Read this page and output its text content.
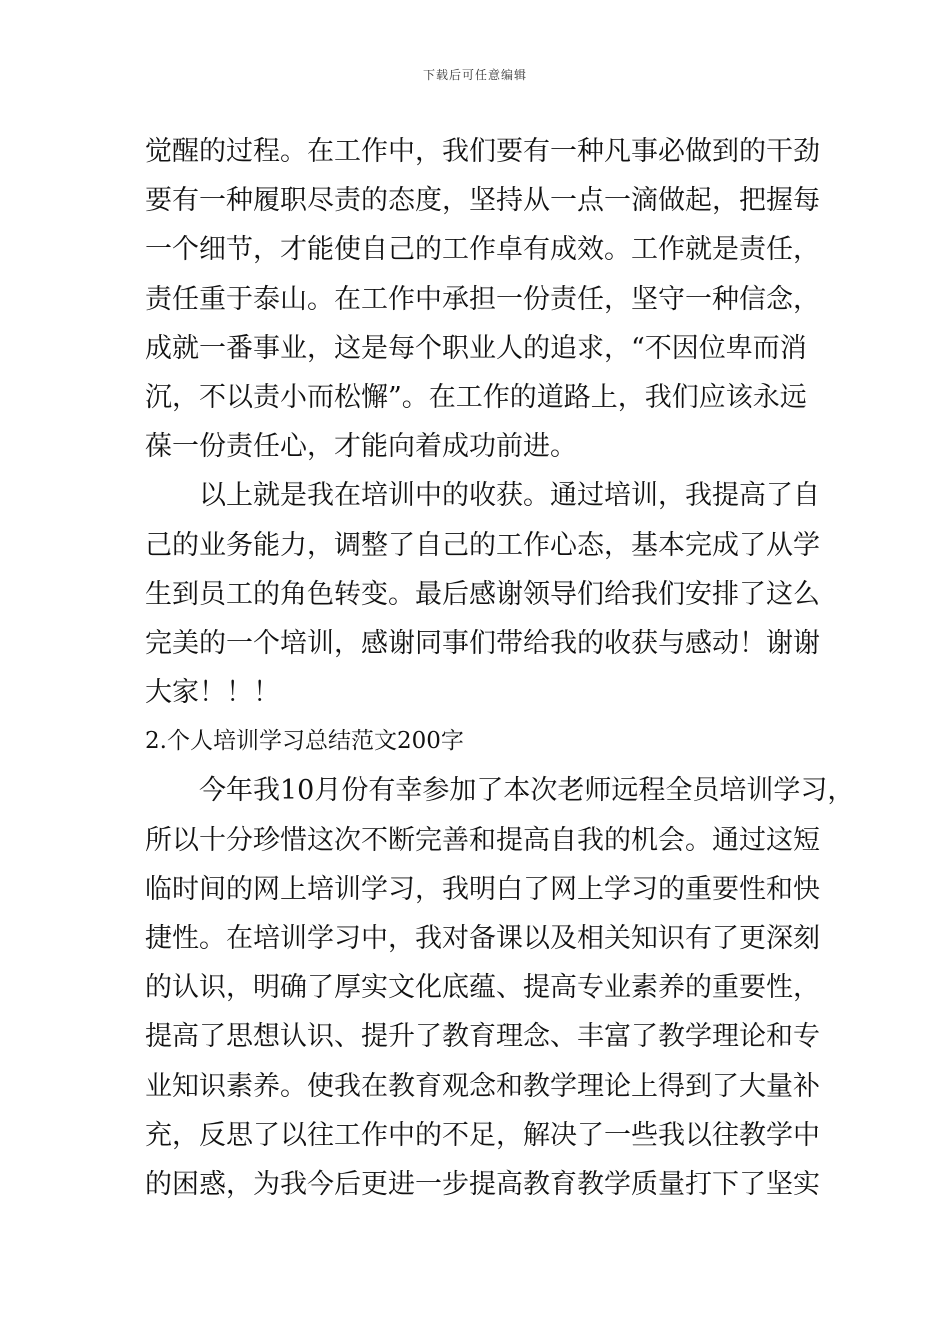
下载后可任意编辑
觉醒的过程。在工作中，我们要有一种凡事必做到的干劲
要有一种履职尽责的态度，坚持从一点一滴做起，把握每
一个细节，才能使自己的工作卓有成效。工作就是责任，
责任重于泰山。在工作中承担一份责任，坚守一种信念，
成就一番事业，这是每个职业人的追求，“不因位卑而消
沉，不以责小而松懈”。在工作的道路上，我们应该永远
葆一份责任心，才能向着成功前进。
以上就是我在培训中的收获。通过培训，我提高了自
己的业务能力，调整了自己的工作心态，基本完成了从学
生到员工的角色转变。最后感谢领导们给我们安排了这么
完美的一个培训，感谢同事们带给我的收获与感动！谢谢
大家！！！
2.个人培训学习总结范文200字
今年我10月份有幸参加了本次老师远程全员培训学习，
所以十分珍惜这次不断完善和提高自我的机会。通过这短
临时间的网上培训学习，我明白了网上学习的重要性和快
捷性。在培训学习中，我对备课以及相关知识有了更深刻
的认识，明确了厚实文化底蕴、提高专业素养的重要性，
提高了思想认识、提升了教育理念、丰富了教学理论和专
业知识素养。使我在教育观念和教学理论上得到了大量补
充，反思了以往工作中的不足，解决了一些我以往教学中
的困惑，为我今后更进一步提高教育教学质量打下了坚实
